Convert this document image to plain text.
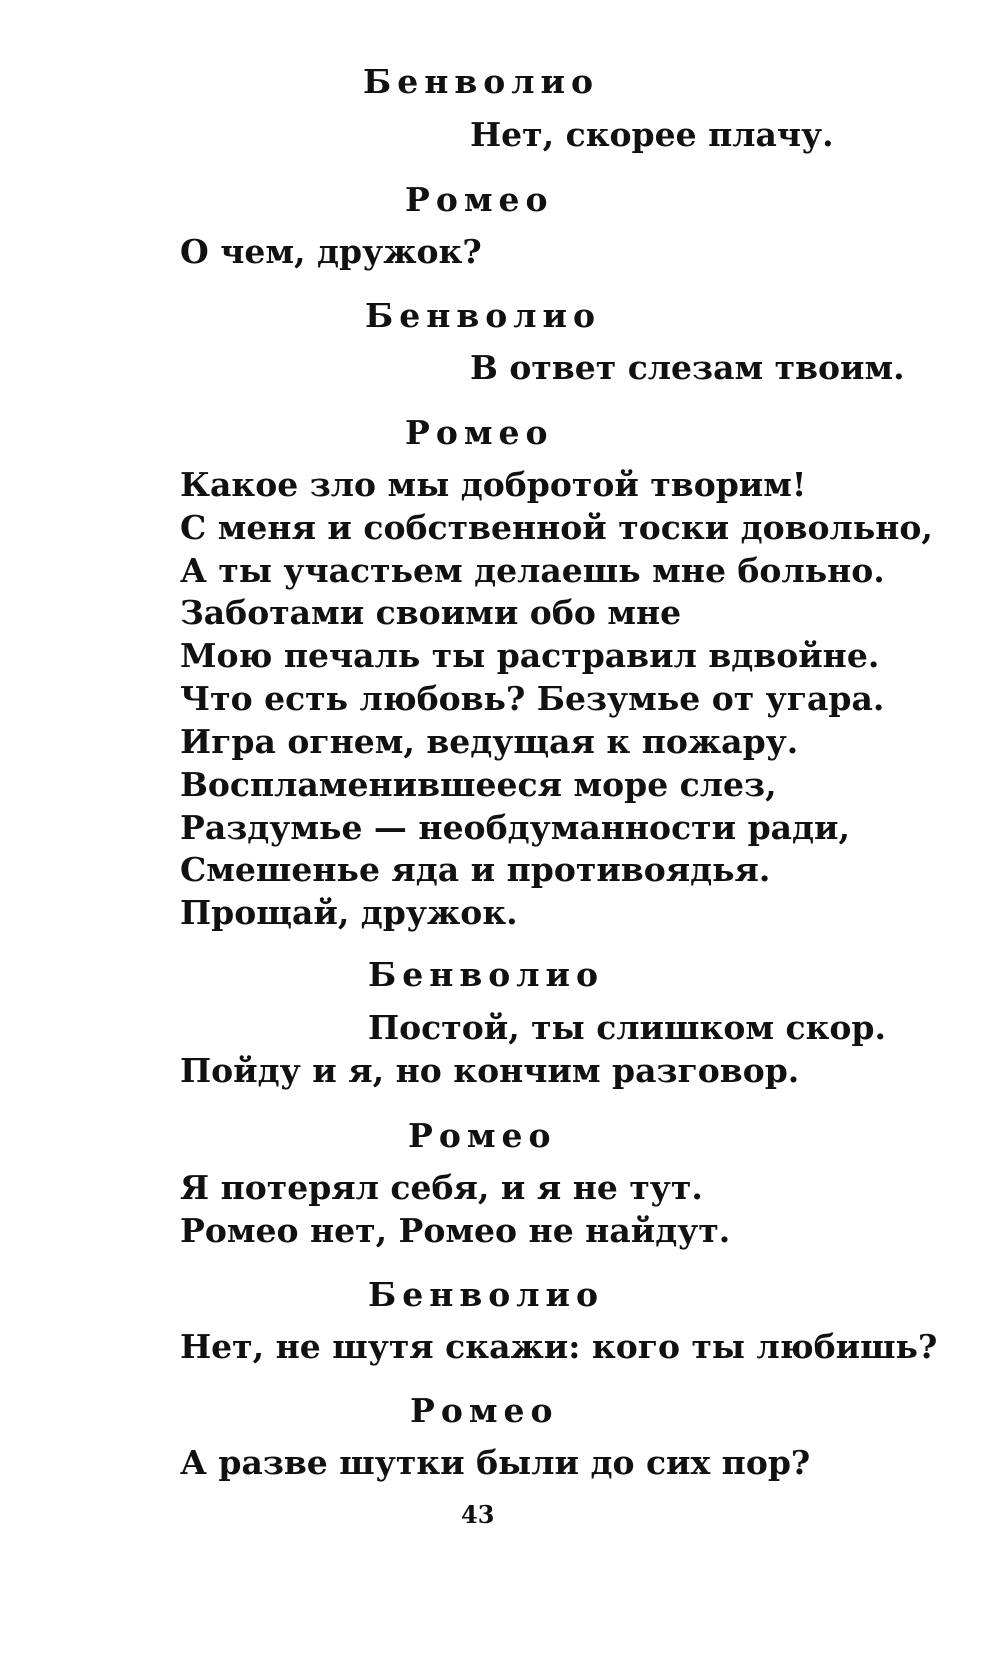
Бенволио
Нет, скорее плачу.
Ромео
О чем, дружок?
Бенволио
В ответ слезам твоим.
Ромео
Какое зло мы добротой творим!
С меня и собственной тоски довольно,
А ты участьем делаешь мне больно.
Заботами своими обо мне
Мою печаль ты растравил вдвойне.
Что есть любовь? Безумье от угара.
Игра огнем, ведущая к пожару.
Воспламенившееся море слез,
Раздумье — необдуманности ради,
Смешенье яда и противоядья.
Прощай, дружок.
Бенволио
Постой, ты слишком скор.
Пойду и я, но кончим разговор.
Ромео
Я потерял себя, и я не тут.
Ромео нет, Ромео не найдут.
Бенволио
Нет, не шутя скажи: кого ты любишь?
Ромео
А разве шутки были до сих пор?
43
